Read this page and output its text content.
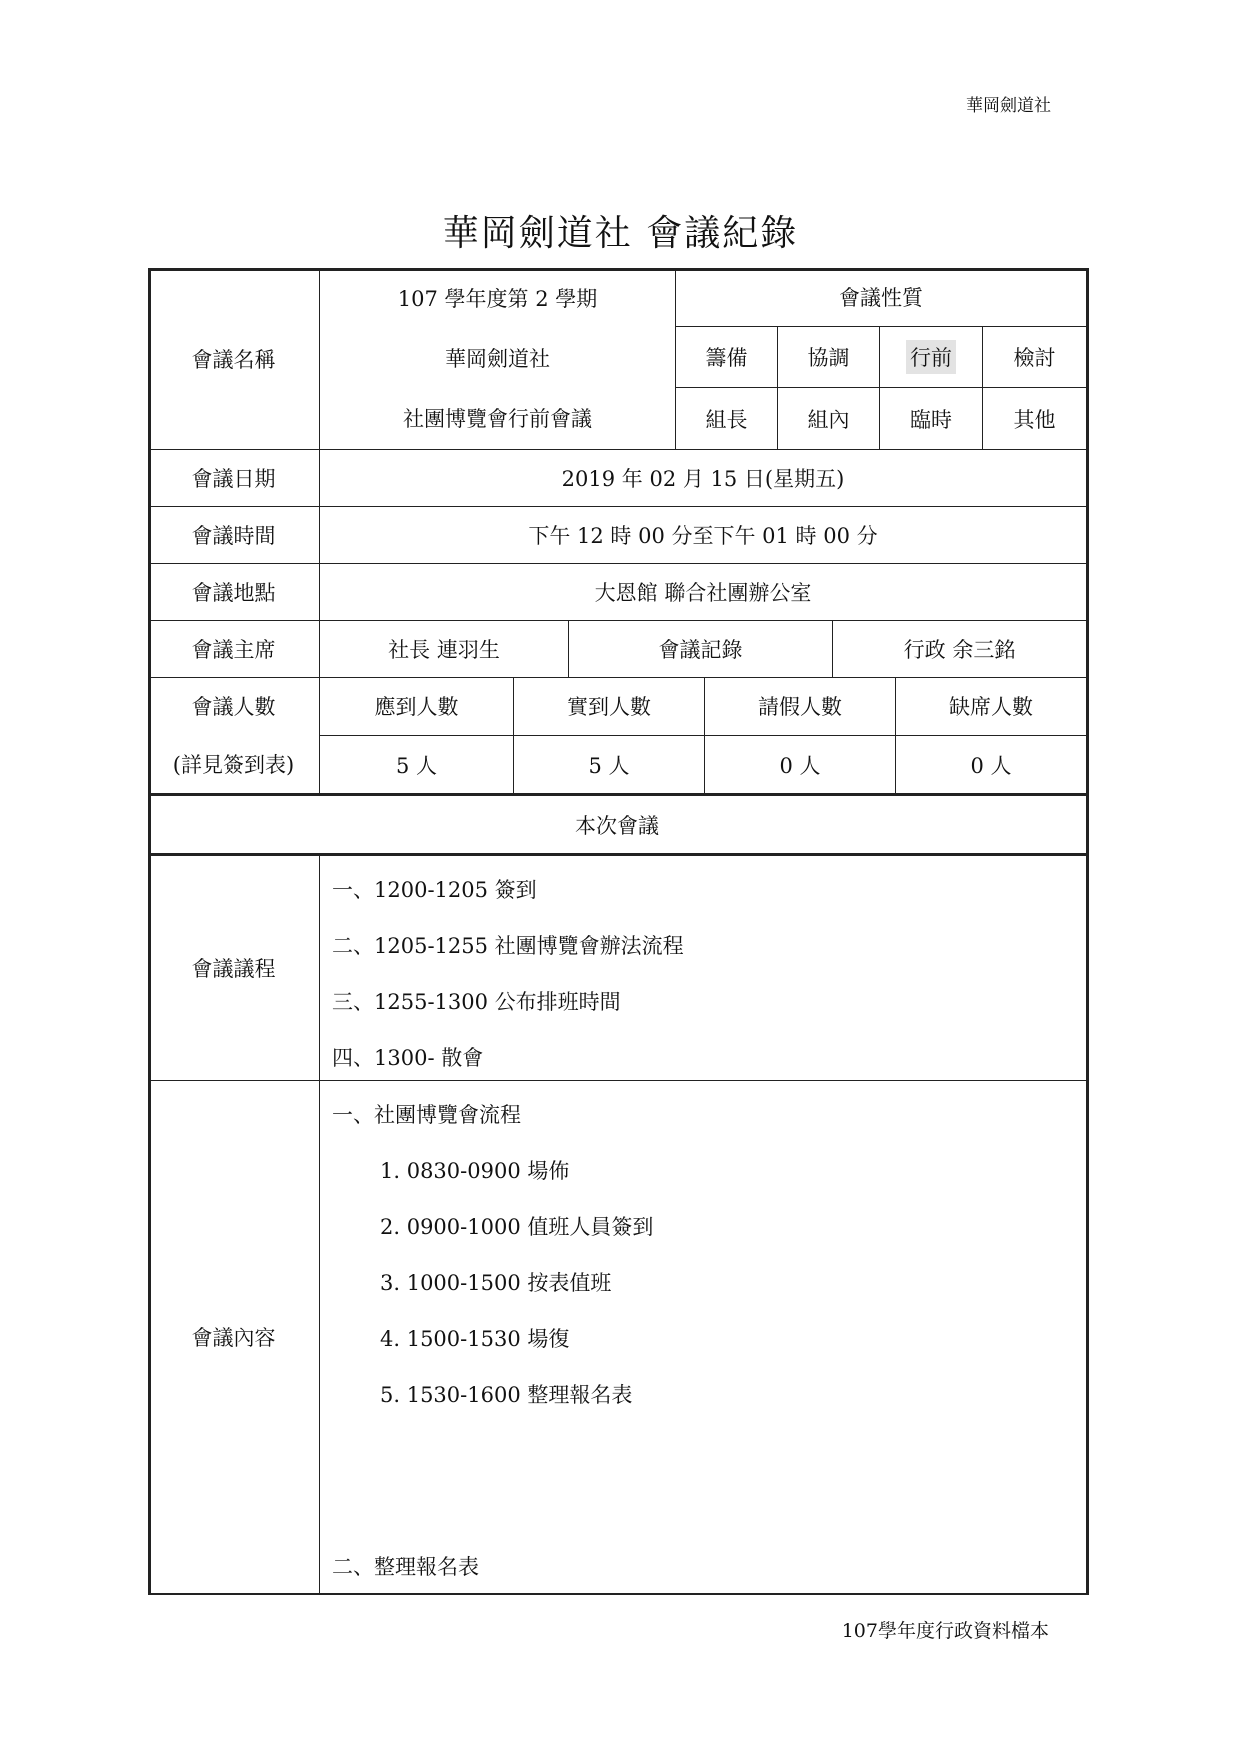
華岡劍道社
華岡劍道社 會議紀錄
會議名稱
107 學年度第 2 學期
華岡劍道社
社團博覽會行前會議
會議性質
籌備	協調	行前	檢討
組長	組內	臨時	其他
會議日期	2019 年 02 月 15 日(星期五)
會議時間	下午 12 時 00 分至下午 01 時 00 分
會議地點	大恩館 聯合社團辦公室
會議主席	社長 連羽生	會議記錄	行政 余三銘
會議人數
(詳見簽到表)
應到人數	實到人數	請假人數	缺席人數
5 人	5 人	0 人	0 人
本次會議
會議議程
一、1200-1205 簽到
二、1205-1255 社團博覽會辦法流程
三、1255-1300 公布排班時間
四、1300- 散會
會議內容
一、社團博覽會流程
1. 0830-0900 場佈
2. 0900-1000 值班人員簽到
3. 1000-1500 按表值班
4. 1500-1530 場復
5. 1530-1600 整理報名表
二、整理報名表
107學年度行政資料檔本
